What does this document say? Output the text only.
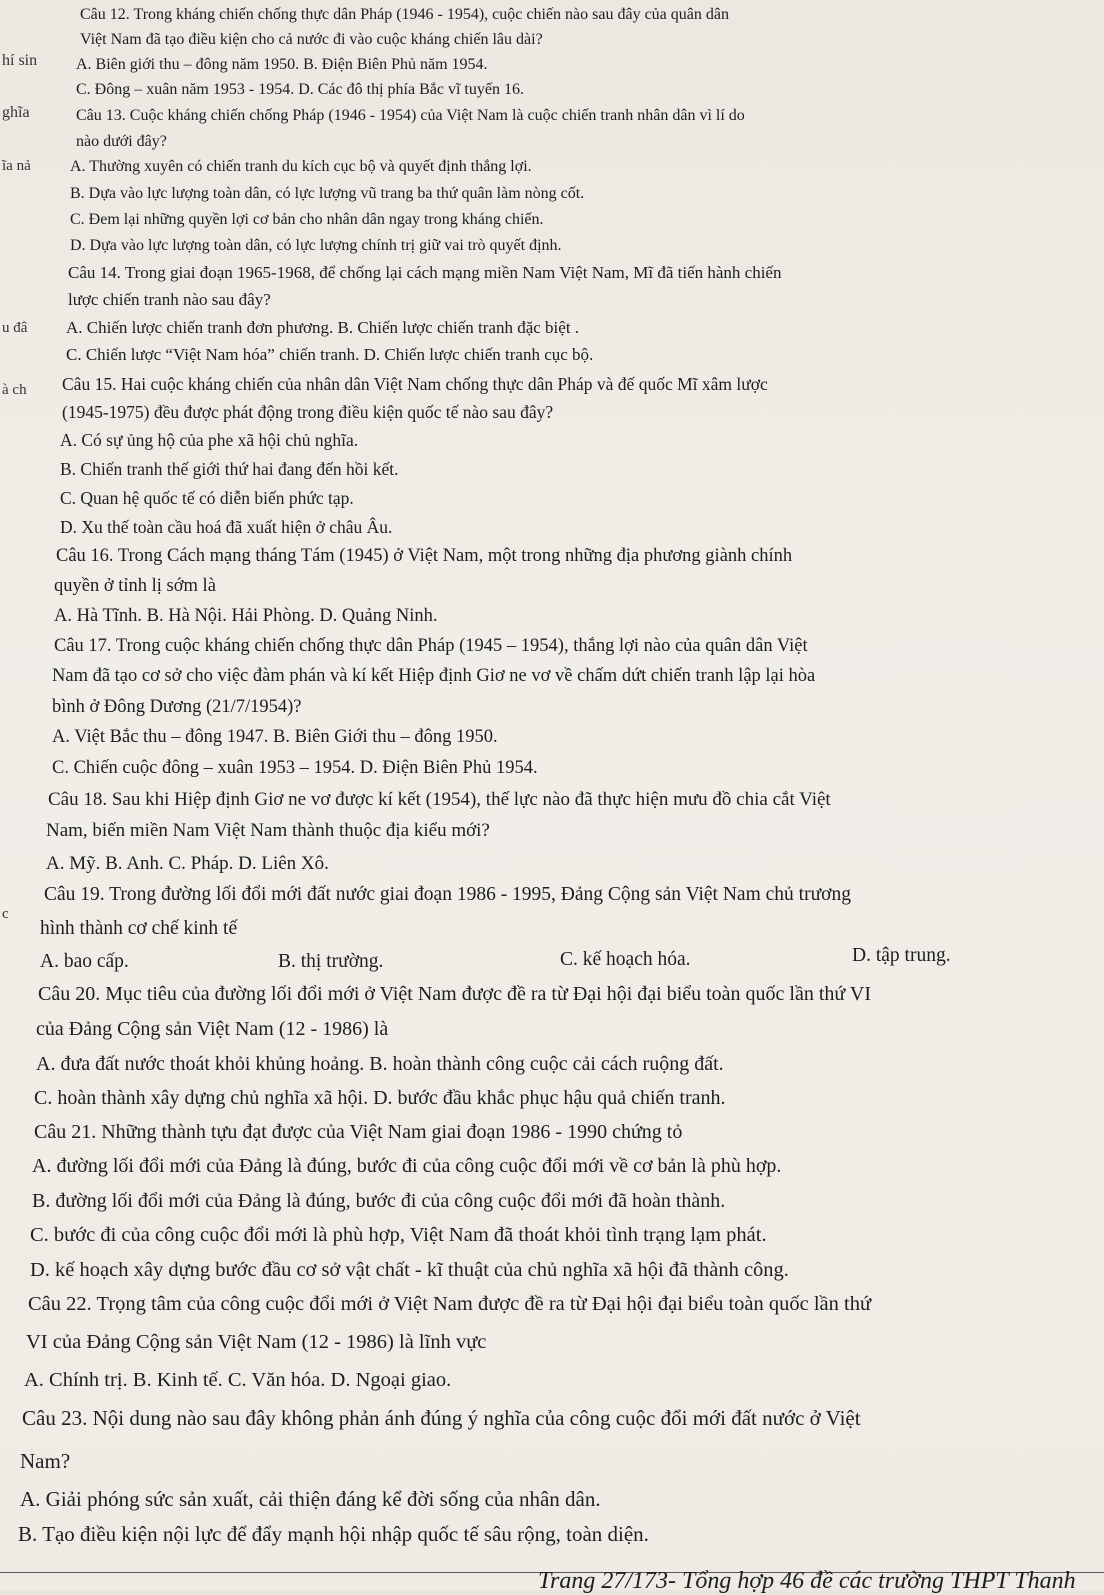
hí sin
ghĩa
ĩa nả
u đâ
à ch
c
Câu 12. Trong kháng chiến chống thực dân Pháp (1946 - 1954), cuộc chiến nào sau đây của quân dân
Việt Nam đã tạo điều kiện cho cả nước đi vào cuộc kháng chiến lâu dài?
A. Biên giới thu – đông năm 1950. B. Điện Biên Phủ năm 1954.
C. Đông – xuân năm 1953 - 1954. D. Các đô thị phía Bắc vĩ tuyến 16.
Câu 13. Cuộc kháng chiến chống Pháp (1946 - 1954) của Việt Nam là cuộc chiến tranh nhân dân vì lí do
nào dưới đây?
A. Thường xuyên có chiến tranh du kích cục bộ và quyết định thắng lợi.
B. Dựa vào lực lượng toàn dân, có lực lượng vũ trang ba thứ quân làm nòng cốt.
C. Đem lại những quyền lợi cơ bản cho nhân dân ngay trong kháng chiến.
D. Dựa vào lực lượng toàn dân, có lực lượng chính trị giữ vai trò quyết định.
Câu 14. Trong giai đoạn 1965-1968, để chống lại cách mạng miền Nam Việt Nam, Mĩ đã tiến hành chiến
lược chiến tranh nào sau đây?
A. Chiến lược chiến tranh đơn phương. B. Chiến lược chiến tranh đặc biệt .
C. Chiến lược “Việt Nam hóa” chiến tranh. D. Chiến lược chiến tranh cục bộ.
Câu 15. Hai cuộc kháng chiến của nhân dân Việt Nam chống thực dân Pháp và đế quốc Mĩ xâm lược
(1945-1975) đều được phát động trong điều kiện quốc tế nào sau đây?
A. Có sự ủng hộ của phe xã hội chủ nghĩa.
B. Chiến tranh thế giới thứ hai đang đến hồi kết.
C. Quan hệ quốc tế có diễn biến phức tạp.
D. Xu thế toàn cầu hoá đã xuất hiện ở châu Âu.
Câu 16. Trong Cách mạng tháng Tám (1945) ở Việt Nam, một trong những địa phương giành chính
quyền ở tỉnh lị sớm là
A. Hà Tĩnh. B. Hà Nội. Hải Phòng. D. Quảng Ninh.
Câu 17. Trong cuộc kháng chiến chống thực dân Pháp (1945 – 1954), thắng lợi nào của quân dân Việt
Nam đã tạo cơ sở cho việc đàm phán và kí kết Hiệp định Giơ ne vơ về chấm dứt chiến tranh lập lại hòa
bình ở Đông Dương (21/7/1954)?
A. Việt Bắc thu – đông 1947. B. Biên Giới thu – đông 1950.
C. Chiến cuộc đông – xuân 1953 – 1954. D. Điện Biên Phủ 1954.
Câu 18. Sau khi Hiệp định Giơ ne vơ được kí kết (1954), thế lực nào đã thực hiện mưu đồ chia cắt Việt
Nam, biến miền Nam Việt Nam thành thuộc địa kiểu mới?
A. Mỹ. B. Anh. C. Pháp. D. Liên Xô.
Câu 19. Trong đường lối đổi mới đất nước giai đoạn 1986 - 1995, Đảng Cộng sản Việt Nam chủ trương
hình thành cơ chế kinh tế
A. bao cấp.	B. thị trường.	C. kế hoạch hóa.	D. tập trung.
Câu 20. Mục tiêu của đường lối đổi mới ở Việt Nam được đề ra từ Đại hội đại biểu toàn quốc lần thứ VI
của Đảng Cộng sản Việt Nam (12 - 1986) là
A. đưa đất nước thoát khỏi khủng hoảng. B. hoàn thành công cuộc cải cách ruộng đất.
C. hoàn thành xây dựng chủ nghĩa xã hội. D. bước đầu khắc phục hậu quả chiến tranh.
Câu 21. Những thành tựu đạt được của Việt Nam giai đoạn 1986 - 1990 chứng tỏ
A. đường lối đổi mới của Đảng là đúng, bước đi của công cuộc đổi mới về cơ bản là phù hợp.
B. đường lối đổi mới của Đảng là đúng, bước đi của công cuộc đổi mới đã hoàn thành.
C. bước đi của công cuộc đổi mới là phù hợp, Việt Nam đã thoát khỏi tình trạng lạm phát.
D. kế hoạch xây dựng bước đầu cơ sở vật chất - kĩ thuật của chủ nghĩa xã hội đã thành công.
Câu 22. Trọng tâm của công cuộc đổi mới ở Việt Nam được đề ra từ Đại hội đại biểu toàn quốc lần thứ
VI của Đảng Cộng sản Việt Nam (12 - 1986) là lĩnh vực
A. Chính trị. B. Kinh tế. C. Văn hóa. D. Ngoại giao.
Câu 23. Nội dung nào sau đây không phản ánh đúng ý nghĩa của công cuộc đổi mới đất nước ở Việt
Nam?
A. Giải phóng sức sản xuất, cải thiện đáng kể đời sống của nhân dân.
B. Tạo điều kiện nội lực để đẩy mạnh hội nhập quốc tế sâu rộng, toàn diện.
Trang 27/173- Tổng hợp 46 đề các trường THPT Thanh
